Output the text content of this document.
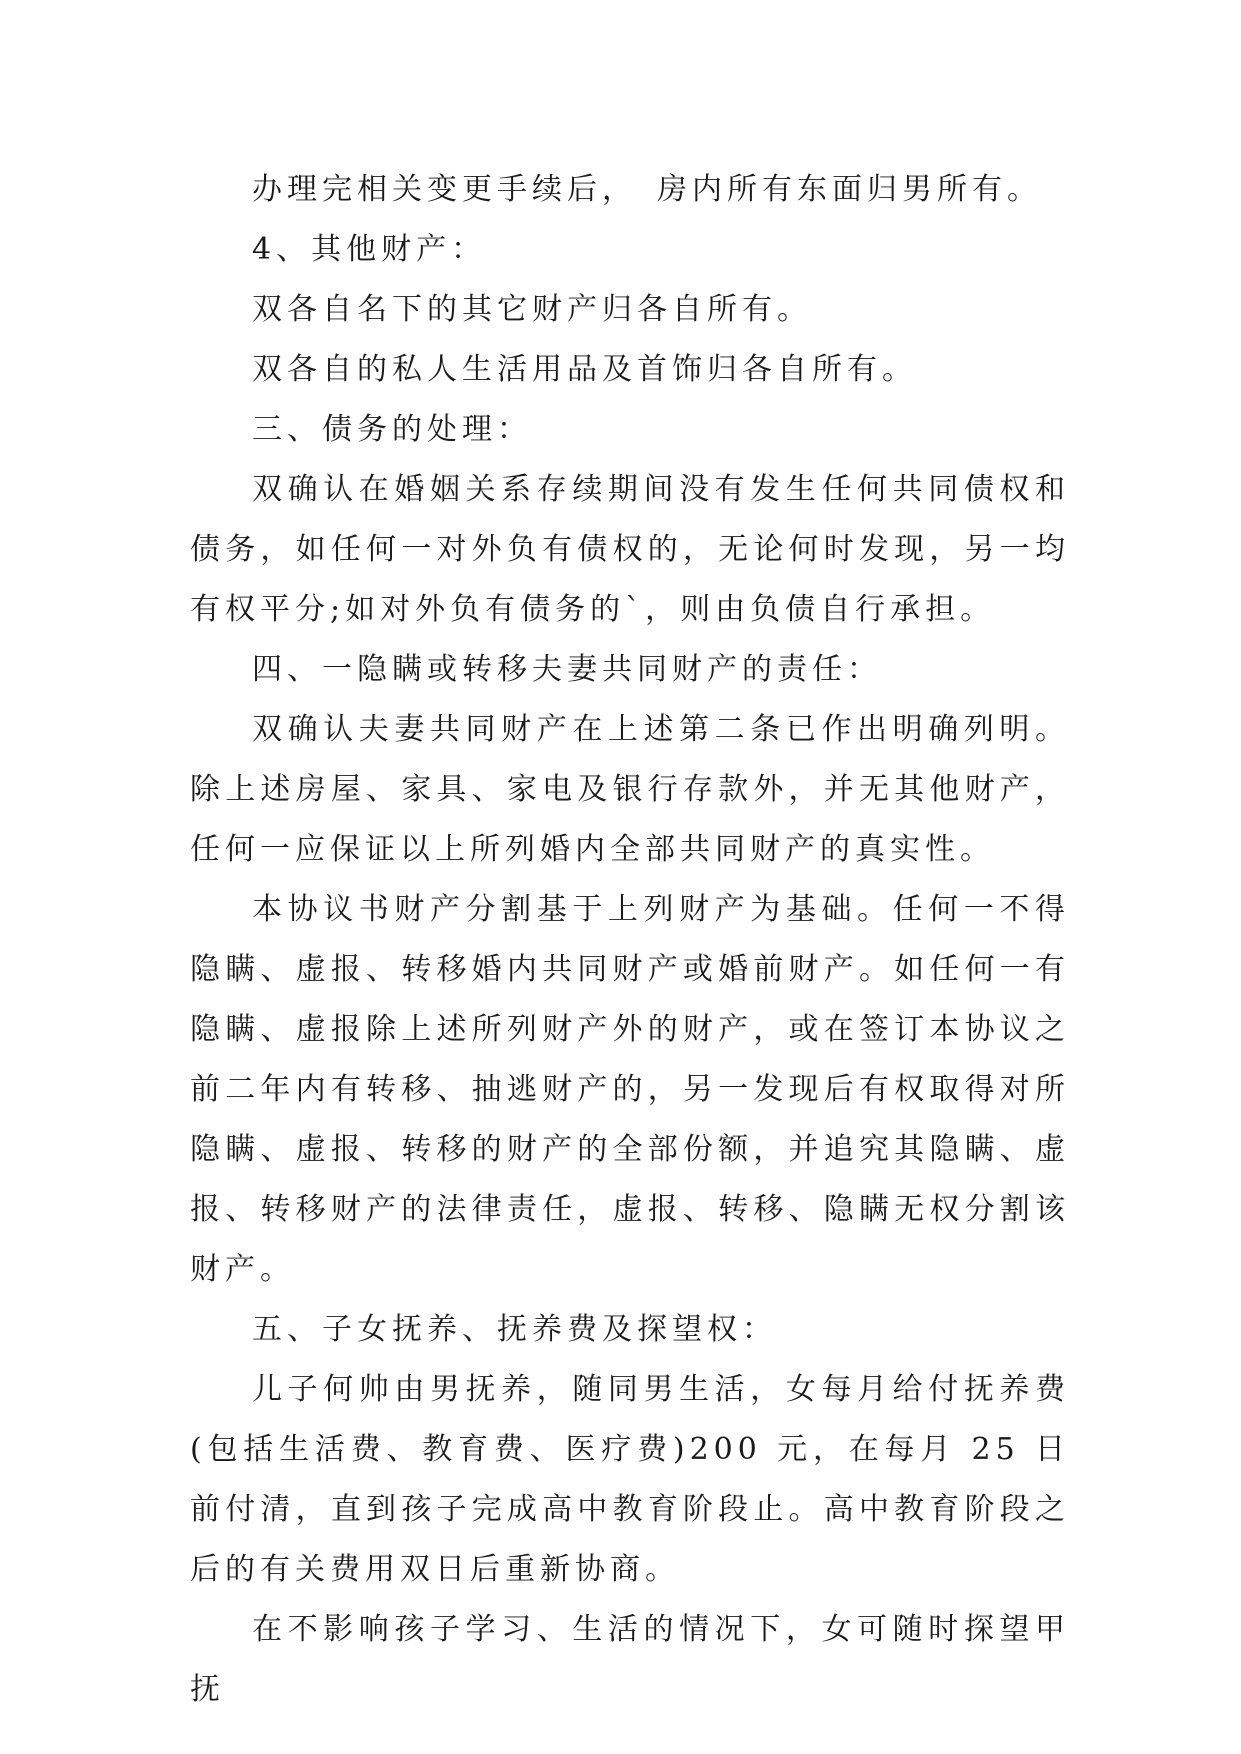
办理完相关变更手续后，　房内所有东面归男所有。

4、其他财产：

双各自名下的其它财产归各自所有。

双各自的私人生活用品及首饰归各自所有。

三、债务的处理：

双确认在婚姻关系存续期间没有发生任何共同债权和债务，如任何一对外负有债权的，无论何时发现，另一均有权平分;如对外负有债务的`，则由负债自行承担。

四、一隐瞒或转移夫妻共同财产的责任：

双确认夫妻共同财产在上述第二条已作出明确列明。除上述房屋、家具、家电及银行存款外，并无其他财产，任何一应保证以上所列婚内全部共同财产的真实性。

本协议书财产分割基于上列财产为基础。任何一不得隐瞒、虚报、转移婚内共同财产或婚前财产。如任何一有隐瞒、虚报除上述所列财产外的财产，或在签订本协议之前二年内有转移、抽逃财产的，另一发现后有权取得对所隐瞒、虚报、转移的财产的全部份额，并追究其隐瞒、虚报、转移财产的法律责任，虚报、转移、隐瞒无权分割该财产。

五、子女抚养、抚养费及探望权：

儿子何帅由男抚养，随同男生活，女每月给付抚养费(包括生活费、教育费、医疗费)200 元，在每月 25 日前付清，直到孩子完成高中教育阶段止。高中教育阶段之后的有关费用双日后重新协商。

在不影响孩子学习、生活的情况下，女可随时探望甲抚
